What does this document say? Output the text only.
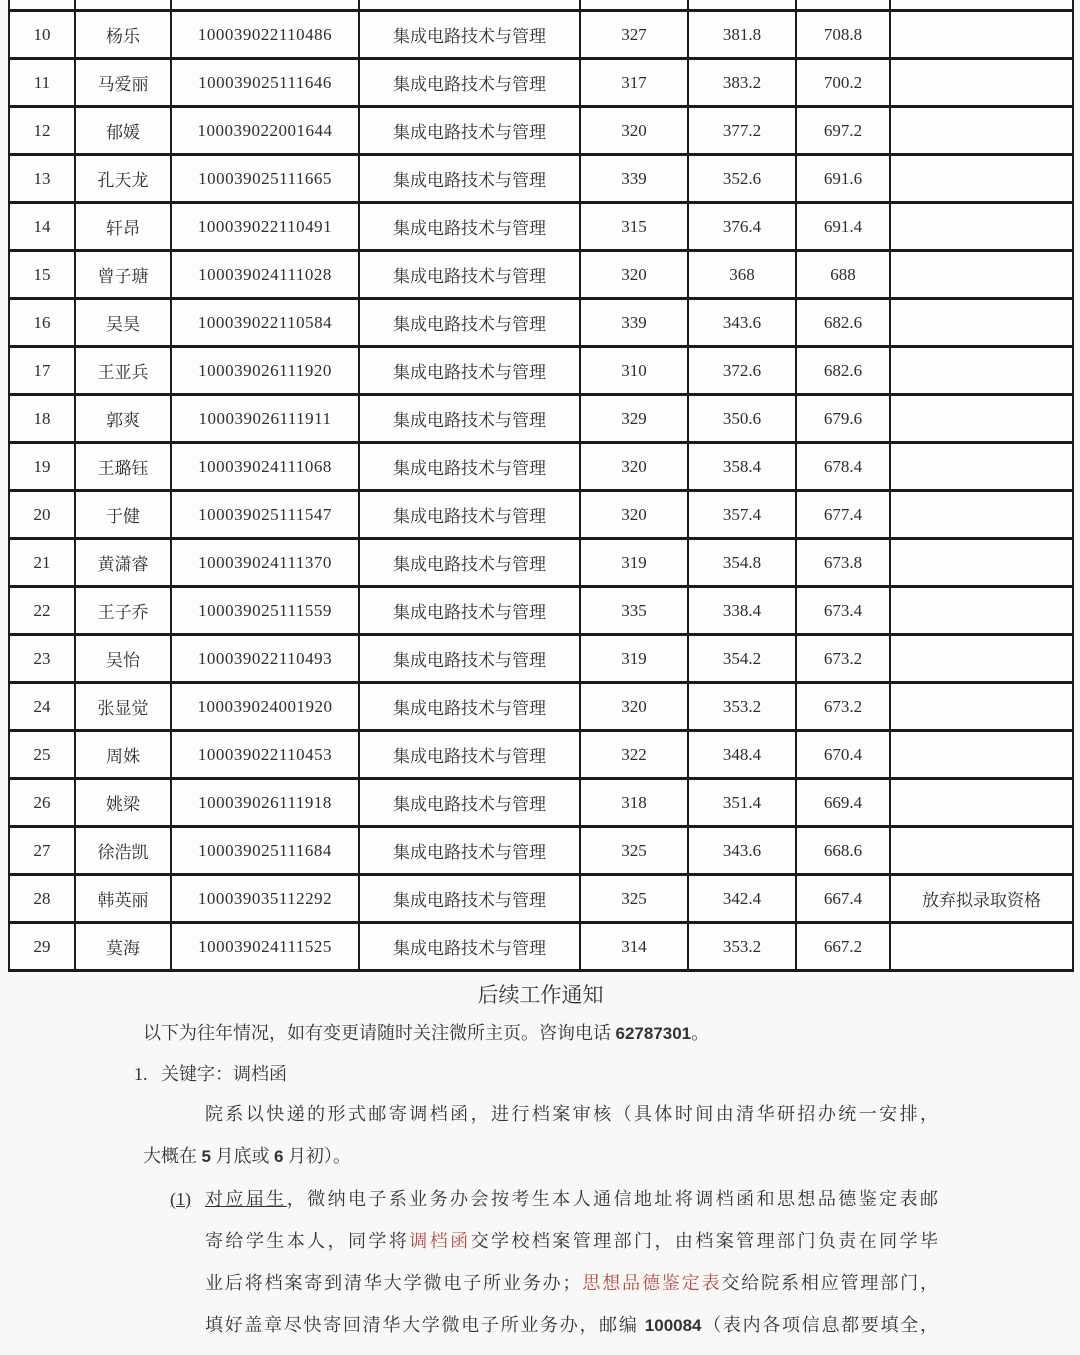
10	杨乐	100039022110486	集成电路技术与管理	327	381.8	708.8	
11	马爱丽	100039025111646	集成电路技术与管理	317	383.2	700.2	
12	郁媛	100039022001644	集成电路技术与管理	320	377.2	697.2	
13	孔天龙	100039025111665	集成电路技术与管理	339	352.6	691.6	
14	轩昂	100039022110491	集成电路技术与管理	315	376.4	691.4	
15	曾子瑭	100039024111028	集成电路技术与管理	320	368	688	
16	吴昊	100039022110584	集成电路技术与管理	339	343.6	682.6	
17	王亚兵	100039026111920	集成电路技术与管理	310	372.6	682.6	
18	郭爽	100039026111911	集成电路技术与管理	329	350.6	679.6	
19	王璐钰	100039024111068	集成电路技术与管理	320	358.4	678.4	
20	于健	100039025111547	集成电路技术与管理	320	357.4	677.4	
21	黄潇睿	100039024111370	集成电路技术与管理	319	354.8	673.8	
22	王子乔	100039025111559	集成电路技术与管理	335	338.4	673.4	
23	吴怡	100039022110493	集成电路技术与管理	319	354.2	673.2	
24	张显觉	100039024001920	集成电路技术与管理	320	353.2	673.2	
25	周姝	100039022110453	集成电路技术与管理	322	348.4	670.4	
26	姚梁	100039026111918	集成电路技术与管理	318	351.4	669.4	
27	徐浩凯	100039025111684	集成电路技术与管理	325	343.6	668.6	
28	韩英丽	100039035112292	集成电路技术与管理	325	342.4	667.4	放弃拟录取资格
29	莫海	100039024111525	集成电路技术与管理	314	353.2	667.2	
后续工作通知

以下为往年情况，如有变更请随时关注微所主页。咨询电话 62787301。

1. 关键字：调档函
院系以快递的形式邮寄调档函，进行档案审核（具体时间由清华研招办统一安排，
大概在 5 月底或 6 月初）。
(1) 对应届生，微纳电子系业务办会按考生本人通信地址将调档函和思想品德鉴定表邮
寄给学生本人，同学将调档函交学校档案管理部门，由档案管理部门负责在同学毕
业后将档案寄到清华大学微电子所业务办；思想品德鉴定表交给院系相应管理部门，
填好盖章尽快寄回清华大学微电子所业务办，邮编 100084（表内各项信息都要填全，
